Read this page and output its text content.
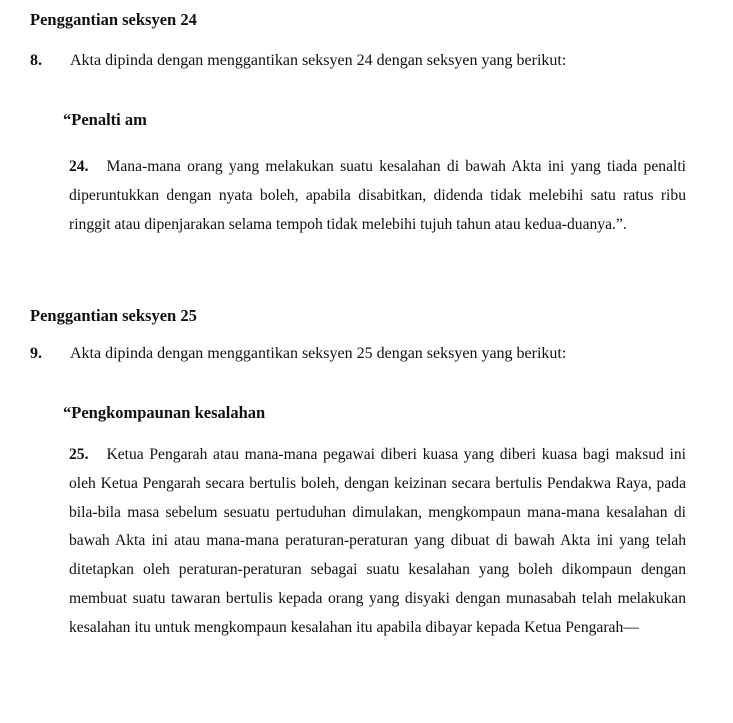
Penggantian seksyen 24
8.	Akta dipinda dengan menggantikan seksyen 24 dengan seksyen yang berikut:
“Penalti am

24. Mana-mana orang yang melakukan suatu kesalahan di bawah Akta ini yang tiada penalti diperuntukkan dengan nyata boleh, apabila disabitkan, didenda tidak melebihi satu ratus ribu ringgit atau dipenjarakan selama tempoh tidak melebihi tujuh tahun atau kedua-duanya.”.

Penggantian seksyen 25
9.	Akta dipinda dengan menggantikan seksyen 25 dengan seksyen yang berikut:
“Pengkompaunan kesalahan

25. Ketua Pengarah atau mana-mana pegawai diberi kuasa yang diberi kuasa bagi maksud ini oleh Ketua Pengarah secara bertulis boleh, dengan keizinan secara bertulis Pendakwa Raya, pada bila-bila masa sebelum sesuatu pertuduhan dimulakan, mengkompaun mana-mana kesalahan di bawah Akta ini atau mana-mana peraturan-peraturan yang dibuat di bawah Akta ini yang telah ditetapkan oleh peraturan-peraturan sebagai suatu kesalahan yang boleh dikompaun dengan membuat suatu tawaran bertulis kepada orang yang disyaki dengan munasabah telah melakukan kesalahan itu untuk mengkompaun kesalahan itu apabila dibayar kepada Ketua Pengarah—
